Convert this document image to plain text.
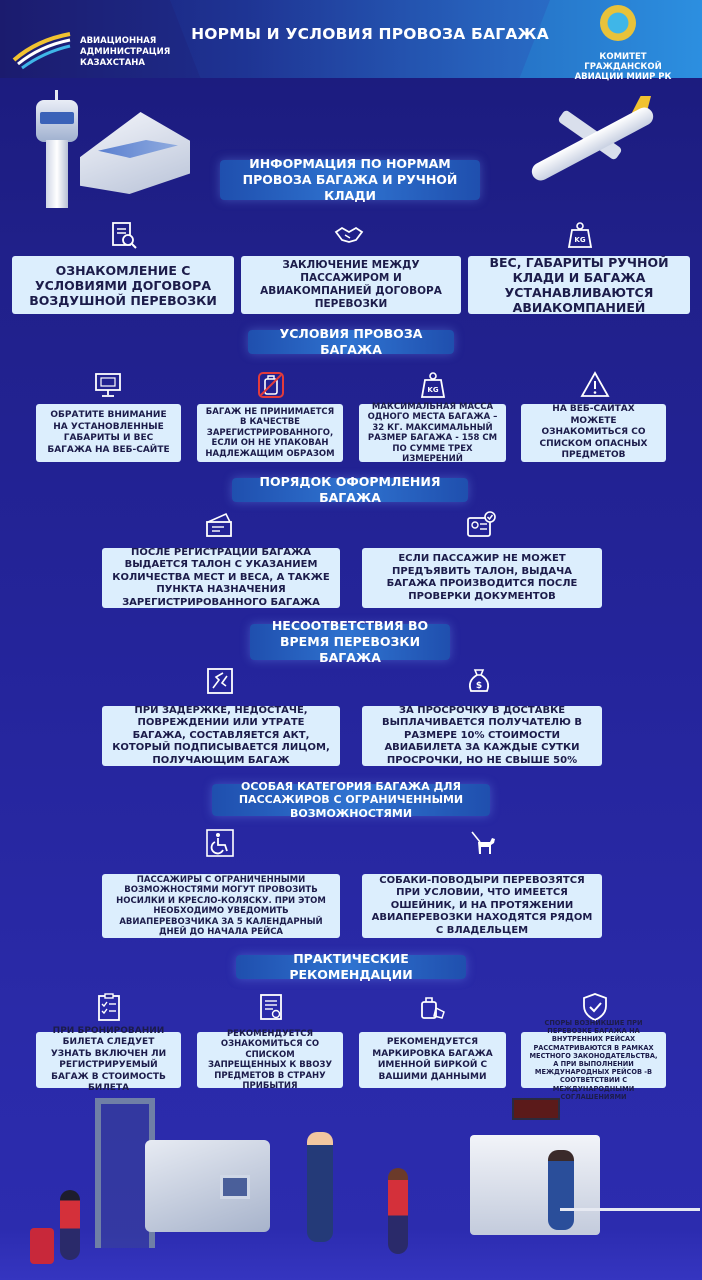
АВИАЦИОННАЯ
АДМИНИСТРАЦИЯ
КАЗАХСТАНА
НОРМЫ И УСЛОВИЯ ПРОВОЗА БАГАЖА
КОМИТЕТ ГРАЖДАНСКОЙ
АВИАЦИИ МИИР РК
ИНФОРМАЦИЯ ПО НОРМАМ ПРОВОЗА БАГАЖА И РУЧНОЙ КЛАДИ
KG
ОЗНАКОМЛЕНИЕ С УСЛОВИЯМИ ДОГОВОРА ВОЗДУШНОЙ ПЕРЕВОЗКИ
ЗАКЛЮЧЕНИЕ МЕЖДУ ПАССАЖИРОМ И АВИАКОМПАНИЕЙ ДОГОВОРА ПЕРЕВОЗКИ
ВЕС, ГАБАРИТЫ РУЧНОЙ КЛАДИ И БАГАЖА УСТАНАВЛИВАЮТСЯ АВИАКОМПАНИЕЙ
УСЛОВИЯ ПРОВОЗА БАГАЖА
KG
ОБРАТИТЕ ВНИМАНИЕ НА УСТАНОВЛЕННЫЕ ГАБАРИТЫ И ВЕС БАГАЖА НА ВЕБ-САЙТЕ
БАГАЖ НЕ ПРИНИМАЕТСЯ В КАЧЕСТВЕ ЗАРЕГИСТРИРОВАННОГО, ЕСЛИ ОН НЕ УПАКОВАН НАДЛЕЖАЩИМ ОБРАЗОМ
МАКСИМАЛЬНАЯ МАССА ОДНОГО МЕСТА БАГАЖА – 32 КГ. МАКСИМАЛЬНЫЙ РАЗМЕР БАГАЖА - 158 СМ ПО СУММЕ ТРЕХ ИЗМЕРЕНИЙ
НА ВЕБ-САЙТАХ МОЖЕТЕ ОЗНАКОМИТЬСЯ СО СПИСКОМ ОПАСНЫХ ПРЕДМЕТОВ
ПОРЯДОК ОФОРМЛЕНИЯ БАГАЖА
ПОСЛЕ РЕГИСТРАЦИИ БАГАЖА ВЫДАЕТСЯ ТАЛОН С УКАЗАНИЕМ КОЛИЧЕСТВА МЕСТ И ВЕСА, А ТАКЖЕ ПУНКТА НАЗНАЧЕНИЯ ЗАРЕГИСТРИРОВАННОГО БАГАЖА
ЕСЛИ ПАССАЖИР НЕ МОЖЕТ ПРЕДЪЯВИТЬ ТАЛОН, ВЫДАЧА БАГАЖА ПРОИЗВОДИТСЯ ПОСЛЕ ПРОВЕРКИ ДОКУМЕНТОВ
НЕСООТВЕТСТВИЯ ВО ВРЕМЯ ПЕРЕВОЗКИ БАГАЖА
$
ПРИ ЗАДЕРЖКЕ, НЕДОСТАЧЕ, ПОВРЕЖДЕНИИ ИЛИ УТРАТЕ БАГАЖА, СОСТАВЛЯЕТСЯ АКТ, КОТОРЫЙ ПОДПИСЫВАЕТСЯ ЛИЦОМ, ПОЛУЧАЮЩИМ БАГАЖ
ЗА ПРОСРОЧКУ В ДОСТАВКЕ ВЫПЛАЧИВАЕТСЯ ПОЛУЧАТЕЛЮ В РАЗМЕРЕ 10% СТОИМОСТИ АВИАБИЛЕТА ЗА КАЖДЫЕ СУТКИ ПРОСРОЧКИ, НО НЕ СВЫШЕ 50%
ОСОБАЯ КАТЕГОРИЯ БАГАЖА ДЛЯ ПАССАЖИРОВ С ОГРАНИЧЕННЫМИ ВОЗМОЖНОСТЯМИ
ПАССАЖИРЫ С ОГРАНИЧЕННЫМИ ВОЗМОЖНОСТЯМИ МОГУТ ПРОВОЗИТЬ НОСИЛКИ И КРЕСЛО-КОЛЯСКУ. ПРИ ЭТОМ НЕОБХОДИМО УВЕДОМИТЬ АВИАПЕРЕВОЗЧИКА ЗА 5 КАЛЕНДАРНЫЙ ДНЕЙ ДО НАЧАЛА РЕЙСА
СОБАКИ-ПОВОДЫРИ ПЕРЕВОЗЯТСЯ ПРИ УСЛОВИИ, ЧТО ИМЕЕТСЯ ОШЕЙНИК, И НА ПРОТЯЖЕНИИ АВИАПЕРЕВОЗКИ НАХОДЯТСЯ РЯДОМ С ВЛАДЕЛЬЦЕМ
ПРАКТИЧЕСКИЕ РЕКОМЕНДАЦИИ
ПРИ БРОНИРОВАНИИ БИЛЕТА СЛЕДУЕТ УЗНАТЬ ВКЛЮЧЕН ЛИ РЕГИСТРИРУЕМЫЙ БАГАЖ В СТОИМОСТЬ БИЛЕТА
РЕКОМЕНДУЕТСЯ ОЗНАКОМИТЬСЯ СО СПИСКОМ ЗАПРЕЩЕННЫХ К ВВОЗУ ПРЕДМЕТОВ В СТРАНУ ПРИБЫТИЯ
РЕКОМЕНДУЕТСЯ МАРКИРОВКА БАГАЖА ИМЕННОЙ БИРКОЙ С ВАШИМИ ДАННЫМИ
СПОРЫ ВОЗНИКШИЕ ПРИ ПЕРЕВОЗКЕ БАГАЖА НА ВНУТРЕННИХ РЕЙСАХ РАССМАТРИВАЮТСЯ В РАМКАХ МЕСТНОГО ЗАКОНОДАТЕЛЬСТВА, А ПРИ ВЫПОЛНЕНИИ МЕЖДУНАРОДНЫХ РЕЙСОВ -В СООТВЕТСТВИИ С МЕЖДУНАРОДНЫМИ СОГЛАШЕНИЯМИ
